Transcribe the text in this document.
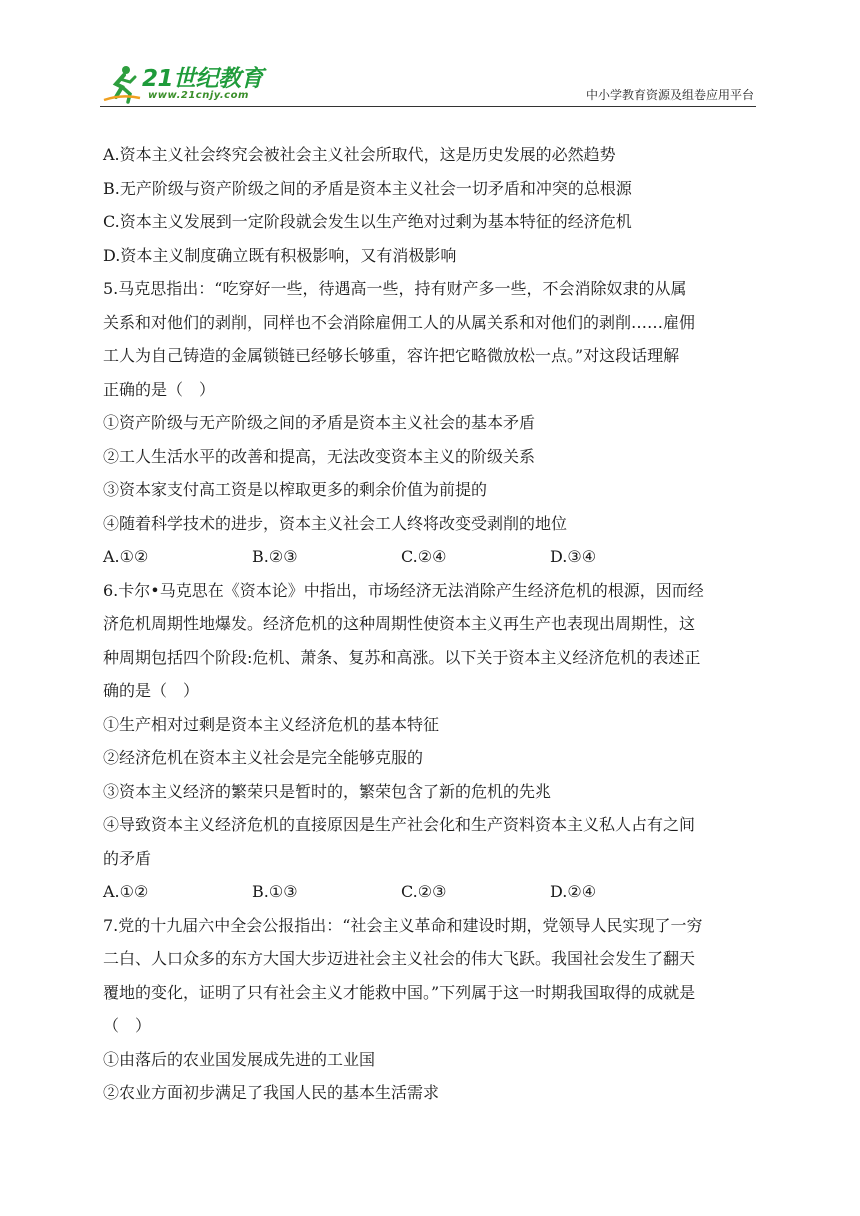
21世纪教育
www.21cnjy.com	中小学教育资源及组卷应用平台
A.资本主义社会终究会被社会主义社会所取代，这是历史发展的必然趋势
B.无产阶级与资产阶级之间的矛盾是资本主义社会一切矛盾和冲突的总根源
C.资本主义发展到一定阶段就会发生以生产绝对过剩为基本特征的经济危机
D.资本主义制度确立既有积极影响，又有消极影响
5.马克思指出：“吃穿好一些，待遇高一些，持有财产多一些，不会消除奴隶的从属
关系和对他们的剥削，同样也不会消除雇佣工人的从属关系和对他们的剥削……雇佣
工人为自己铸造的金属锁链已经够长够重，容许把它略微放松一点。”对这段话理解
正确的是（　）
①资产阶级与无产阶级之间的矛盾是资本主义社会的基本矛盾
②工人生活水平的改善和提高，无法改变资本主义的阶级关系
③资本家支付高工资是以榨取更多的剩余价值为前提的
④随着科学技术的进步，资本主义社会工人终将改变受剥削的地位
A.①②	B.②③	C.②④	D.③④
6.卡尔•马克思在《资本论》中指出，市场经济无法消除产生经济危机的根源，因而经
济危机周期性地爆发。经济危机的这种周期性使资本主义再生产也表现出周期性，这
种周期包括四个阶段:危机、萧条、复苏和高涨。以下关于资本主义经济危机的表述正
确的是（　）
①生产相对过剩是资本主义经济危机的基本特征
②经济危机在资本主义社会是完全能够克服的
③资本主义经济的繁荣只是暂时的，繁荣包含了新的危机的先兆
④导致资本主义经济危机的直接原因是生产社会化和生产资料资本主义私人占有之间
的矛盾
A.①②	B.①③	C.②③	D.②④
7.党的十九届六中全会公报指出：“社会主义革命和建设时期，党领导人民实现了一穷
二白、人口众多的东方大国大步迈进社会主义社会的伟大飞跃。我国社会发生了翻天
覆地的变化，证明了只有社会主义才能救中国。”下列属于这一时期我国取得的成就是
（　）
①由落后的农业国发展成先进的工业国
②农业方面初步满足了我国人民的基本生活需求
